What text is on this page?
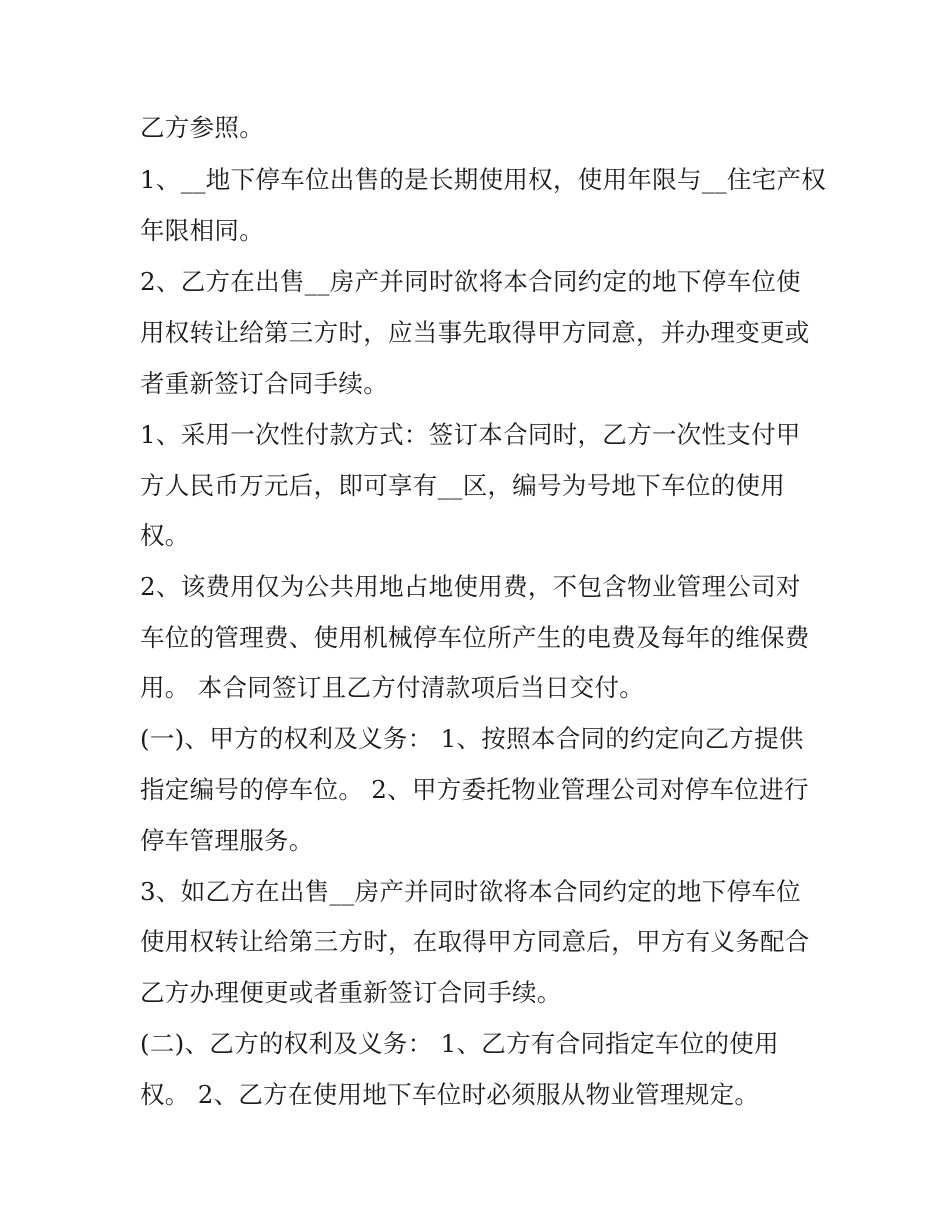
乙方参照。
1、__地下停车位出售的是长期使用权，使用年限与__住宅产权
年限相同。
2、乙方在出售__房产并同时欲将本合同约定的地下停车位使
用权转让给第三方时，应当事先取得甲方同意，并办理变更或
者重新签订合同手续。
1、采用一次性付款方式：签订本合同时，乙方一次性支付甲
方人民币万元后，即可享有__区，编号为号地下车位的使用
权。
2、该费用仅为公共用地占地使用费，不包含物业管理公司对
车位的管理费、使用机械停车位所产生的电费及每年的维保费
用。 本合同签订且乙方付清款项后当日交付。
(一)、甲方的权利及义务： 1、按照本合同的约定向乙方提供
指定编号的停车位。 2、甲方委托物业管理公司对停车位进行
停车管理服务。
3、如乙方在出售__房产并同时欲将本合同约定的地下停车位
使用权转让给第三方时，在取得甲方同意后，甲方有义务配合
乙方办理便更或者重新签订合同手续。
(二)、乙方的权利及义务： 1、乙方有合同指定车位的使用
权。 2、乙方在使用地下车位时必须服从物业管理规定。
